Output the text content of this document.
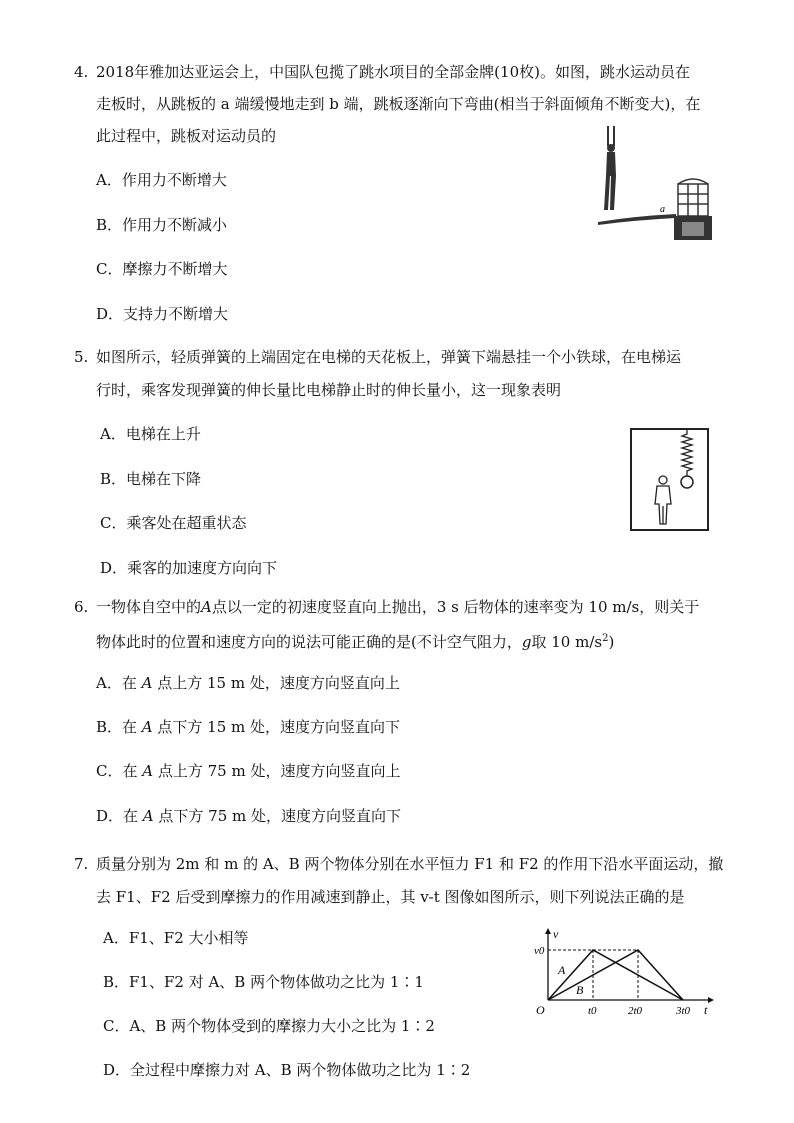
4. 2018年雅加达亚运会上，中国队包揽了跳水项目的全部金牌(10枚)。如图，跳水运动员在
走板时，从跳板的 a 端缓慢地走到 b 端，跳板逐渐向下弯曲(相当于斜面倾角不断变大)，在
此过程中，跳板对运动员的
A．作用力不断增大
B．作用力不断减小
C．摩擦力不断增大
D．支持力不断增大
a
5. 如图所示，轻质弹簧的上端固定在电梯的天花板上，弹簧下端悬挂一个小铁球，在电梯运
行时，乘客发现弹簧的伸长量比电梯静止时的伸长量小，这一现象表明
A．电梯在上升
B．电梯在下降
C．乘客处在超重状态
D．乘客的加速度方向向下
6. 一物体自空中的A点以一定的初速度竖直向上抛出，3 s 后物体的速率变为 10 m/s，则关于
物体此时的位置和速度方向的说法可能正确的是(不计空气阻力，g取 10 $m/s^2$)
A．在 A 点上方 15 m 处，速度方向竖直向上
B．在 A 点下方 15 m 处，速度方向竖直向下
C．在 A 点上方 75 m 处，速度方向竖直向上
D．在 A 点下方 75 m 处，速度方向竖直向下
7. 质量分别为 2m 和 m 的 A、B 两个物体分别在水平恒力 F1 和 F2 的作用下沿水平面运动，撤
去 F1、F2 后受到摩擦力的作用减速到静止，其 v-t 图像如图所示，则下列说法正确的是
A．F1、F2 大小相等
B．F1、F2 对 A、B 两个物体做功之比为 1∶1
C．A、B 两个物体受到的摩擦力大小之比为 1∶2
D．全过程中摩擦力对 A、B 两个物体做功之比为 1∶2
v
t
v0
O	t0	2t0	3t0
A
B
